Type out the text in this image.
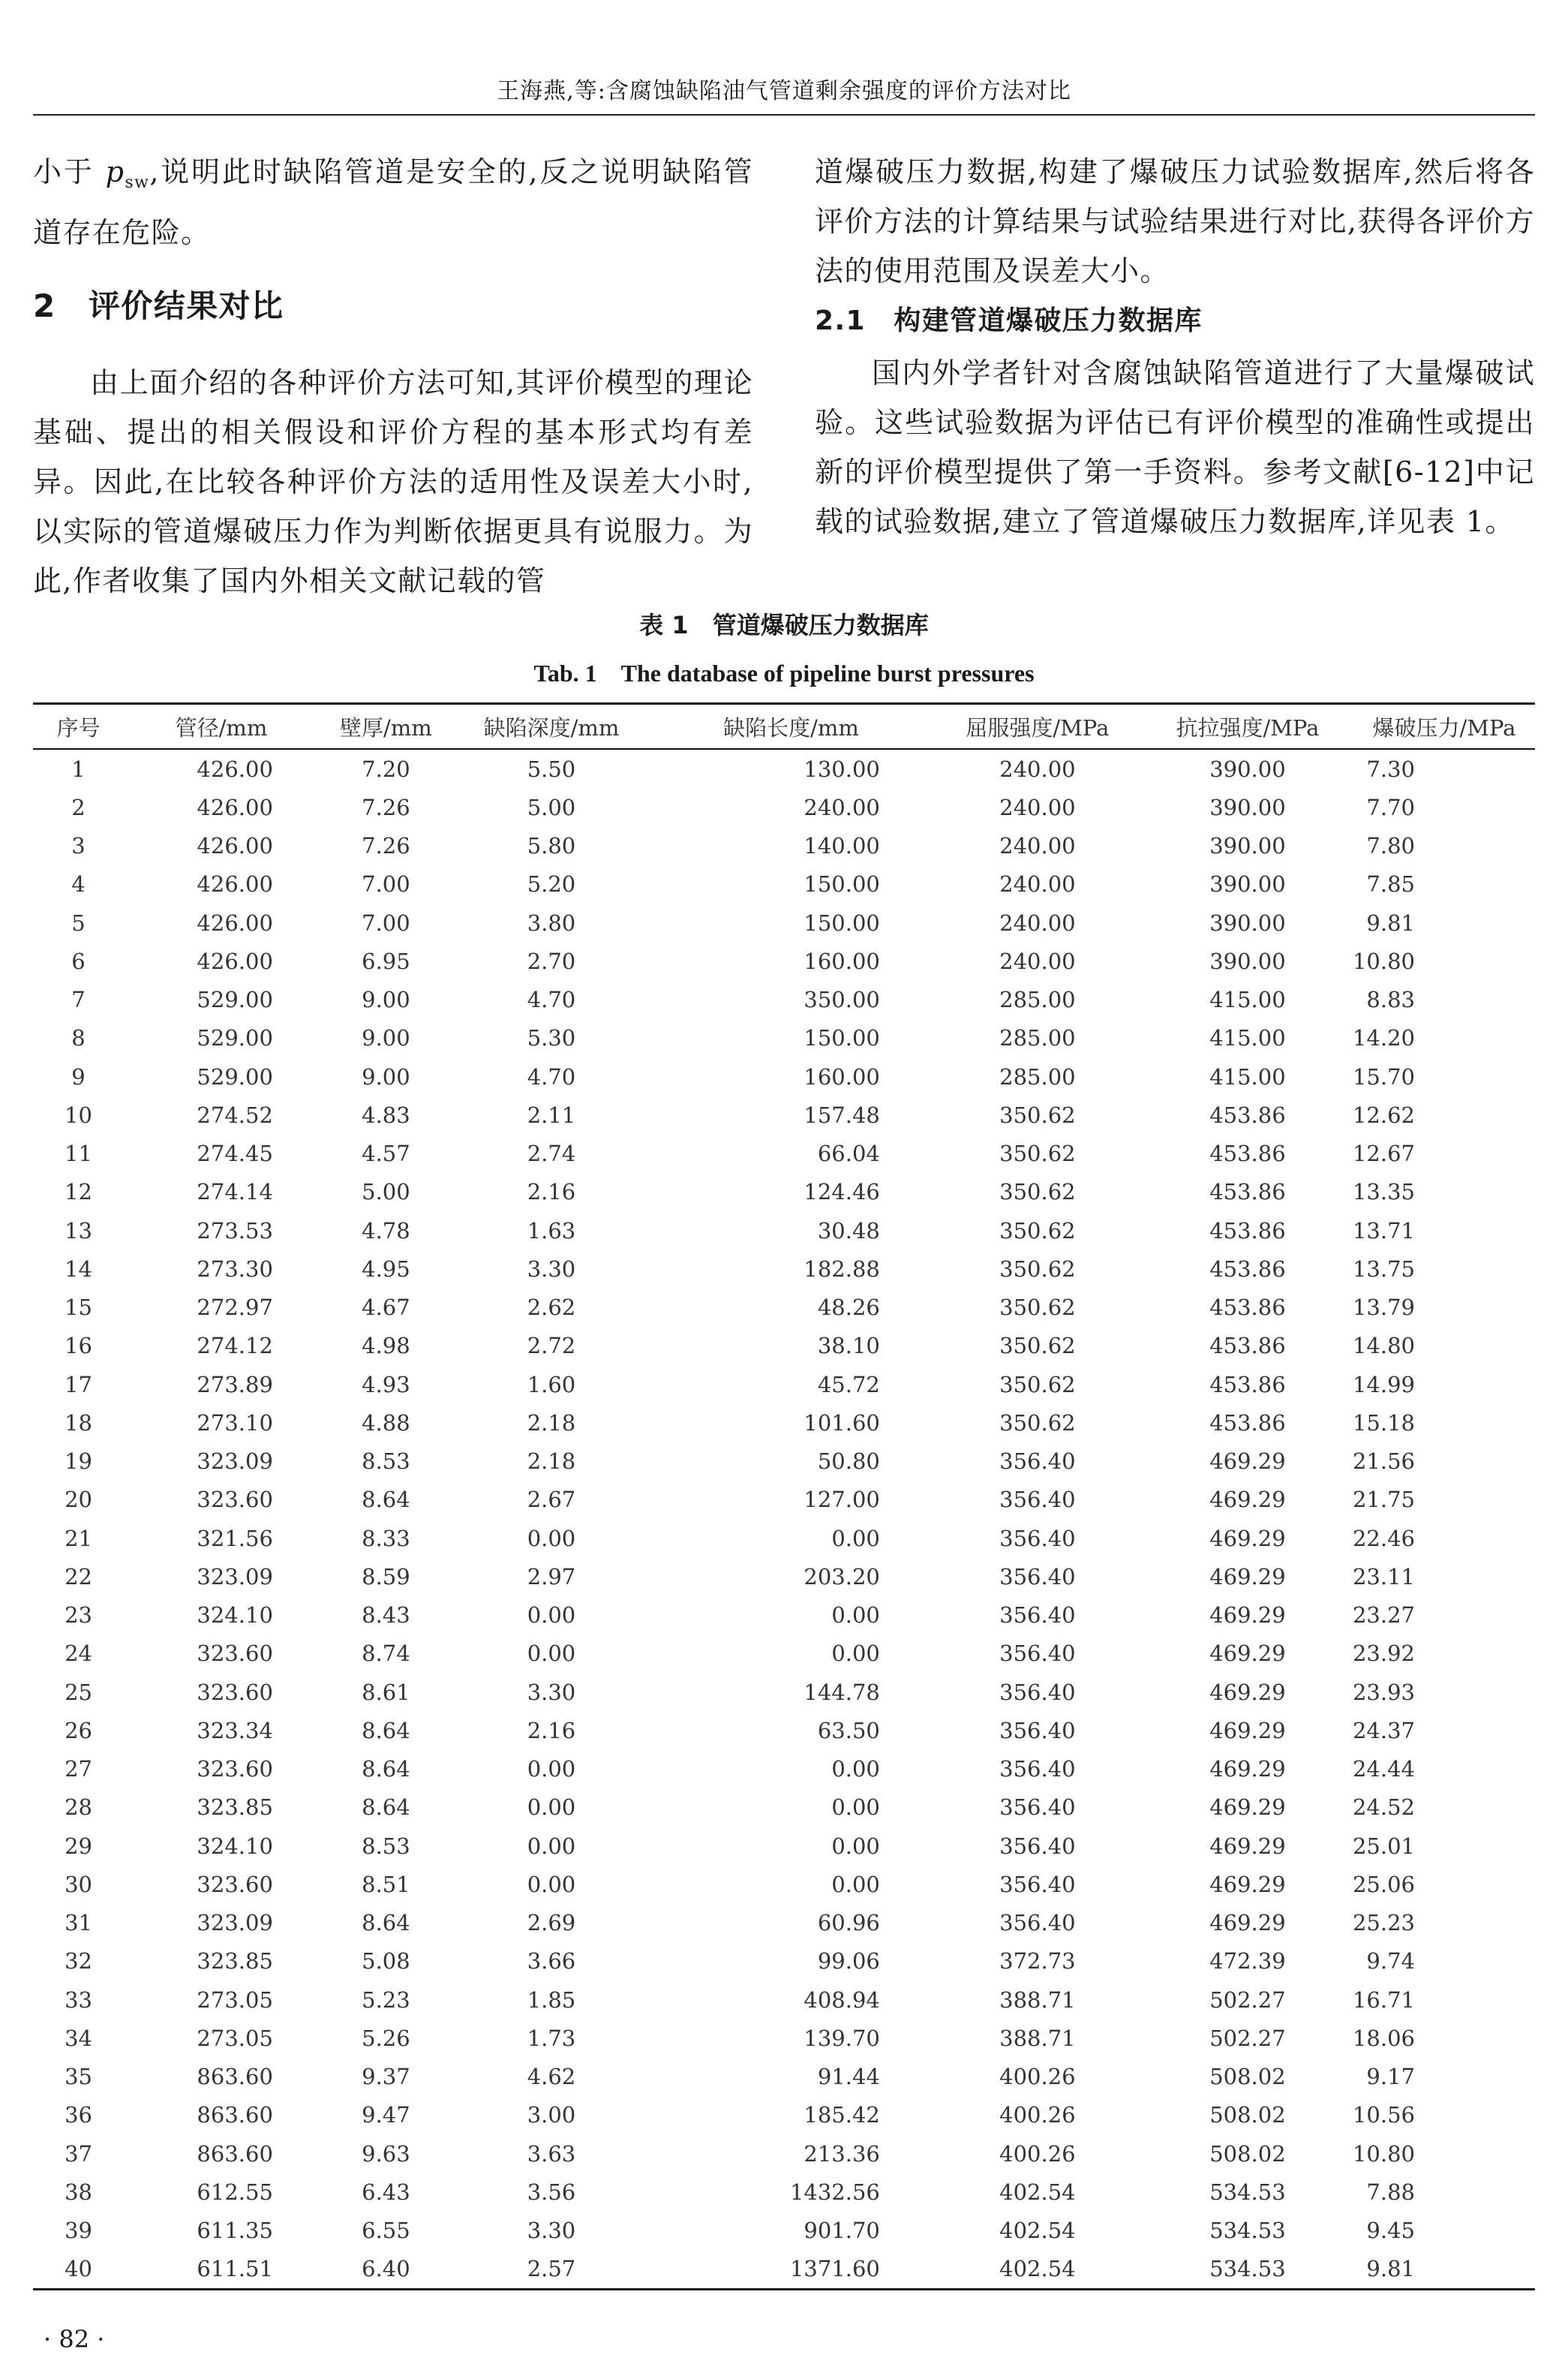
王海燕,等:含腐蚀缺陷油气管道剩余强度的评价方法对比

小于 $p_{sw}$,说明此时缺陷管道是安全的,反之说明缺陷管道存在危险。

2　评价结果对比

由上面介绍的各种评价方法可知,其评价模型的理论基础、提出的相关假设和评价方程的基本形式均有差异。因此,在比较各种评价方法的适用性及误差大小时,以实际的管道爆破压力作为判断依据更具有说服力。为此,作者收集了国内外相关文献记载的管

道爆破压力数据,构建了爆破压力试验数据库,然后将各评价方法的计算结果与试验结果进行对比,获得各评价方法的使用范围及误差大小。

2.1　构建管道爆破压力数据库

国内外学者针对含腐蚀缺陷管道进行了大量爆破试验。这些试验数据为评估已有评价模型的准确性或提出新的评价模型提供了第一手资料。参考文献[6-12]中记载的试验数据,建立了管道爆破压力数据库,详见表 1。

表 1　管道爆破压力数据库
Tab. 1　The database of pipeline burst pressures
序号	管径/mm	壁厚/mm	缺陷深度/mm	缺陷长度/mm	屈服强度/MPa	抗拉强度/MPa	爆破压力/MPa
1	426.00	7.20	5.50	130.00	240.00	390.00	7.30
2	426.00	7.26	5.00	240.00	240.00	390.00	7.70
3	426.00	7.26	5.80	140.00	240.00	390.00	7.80
4	426.00	7.00	5.20	150.00	240.00	390.00	7.85
5	426.00	7.00	3.80	150.00	240.00	390.00	9.81
6	426.00	6.95	2.70	160.00	240.00	390.00	10.80
7	529.00	9.00	4.70	350.00	285.00	415.00	8.83
8	529.00	9.00	5.30	150.00	285.00	415.00	14.20
9	529.00	9.00	4.70	160.00	285.00	415.00	15.70
10	274.52	4.83	2.11	157.48	350.62	453.86	12.62
11	274.45	4.57	2.74	66.04	350.62	453.86	12.67
12	274.14	5.00	2.16	124.46	350.62	453.86	13.35
13	273.53	4.78	1.63	30.48	350.62	453.86	13.71
14	273.30	4.95	3.30	182.88	350.62	453.86	13.75
15	272.97	4.67	2.62	48.26	350.62	453.86	13.79
16	274.12	4.98	2.72	38.10	350.62	453.86	14.80
17	273.89	4.93	1.60	45.72	350.62	453.86	14.99
18	273.10	4.88	2.18	101.60	350.62	453.86	15.18
19	323.09	8.53	2.18	50.80	356.40	469.29	21.56
20	323.60	8.64	2.67	127.00	356.40	469.29	21.75
21	321.56	8.33	0.00	0.00	356.40	469.29	22.46
22	323.09	8.59	2.97	203.20	356.40	469.29	23.11
23	324.10	8.43	0.00	0.00	356.40	469.29	23.27
24	323.60	8.74	0.00	0.00	356.40	469.29	23.92
25	323.60	8.61	3.30	144.78	356.40	469.29	23.93
26	323.34	8.64	2.16	63.50	356.40	469.29	24.37
27	323.60	8.64	0.00	0.00	356.40	469.29	24.44
28	323.85	8.64	0.00	0.00	356.40	469.29	24.52
29	324.10	8.53	0.00	0.00	356.40	469.29	25.01
30	323.60	8.51	0.00	0.00	356.40	469.29	25.06
31	323.09	8.64	2.69	60.96	356.40	469.29	25.23
32	323.85	5.08	3.66	99.06	372.73	472.39	9.74
33	273.05	5.23	1.85	408.94	388.71	502.27	16.71
34	273.05	5.26	1.73	139.70	388.71	502.27	18.06
35	863.60	9.37	4.62	91.44	400.26	508.02	9.17
36	863.60	9.47	3.00	185.42	400.26	508.02	10.56
37	863.60	9.63	3.63	213.36	400.26	508.02	10.80
38	612.55	6.43	3.56	1432.56	402.54	534.53	7.88
39	611.35	6.55	3.30	901.70	402.54	534.53	9.45
40	611.51	6.40	2.57	1371.60	402.54	534.53	9.81
· 82 ·
